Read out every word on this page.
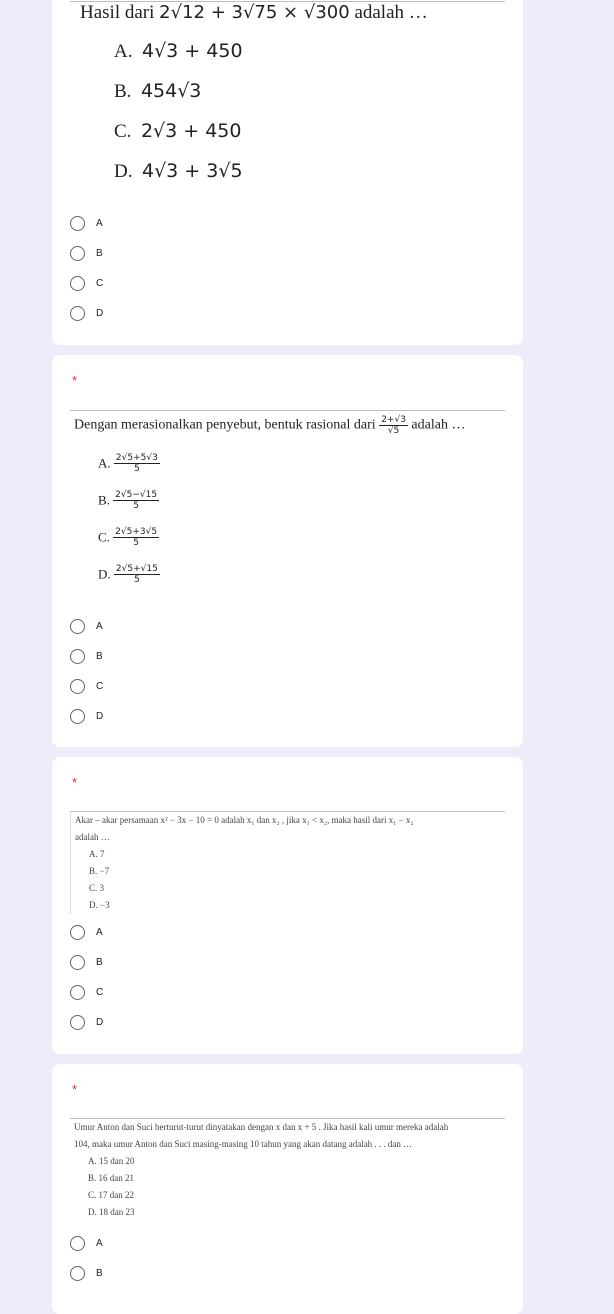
Hasil dari 2√12 + 3√75 × √300 adalah …
A. 4√3 + 450
B. 454√3
C. 2√3 + 450
D. 4√3 + 3√5
A
B
C
D
*
Dengan merasionalkan penyebut, bentuk rasional dari $\frac{2+√3}{√5}$ adalah …
A. $\frac{2√5+5√3}{5}$
B. $\frac{2√5-√15}{5}$
C. $\frac{2√5+3√5}{5}$
D. $\frac{2√5+√15}{5}$
A
B
C
D
*
Akar – akar persamaan x² − 3x − 10 = 0 adalah x₁ dan x₂ , jika x₁ < x₂, maka hasil dari x₁ − x₂
adalah …
A. 7
B. −7
C. 3
D. −3
A
B
C
D
*
Umur Anton dan Suci berturut-turut dinyatakan dengan x dan x + 5 . Jika hasil kali umur mereka adalah
104, maka umur Anton dan Suci masing-masing 10 tahun yang akan datang adalah . . . dan …
A. 15 dan 20
B. 16 dan 21
C. 17 dan 22
D. 18 dan 23
A
B
